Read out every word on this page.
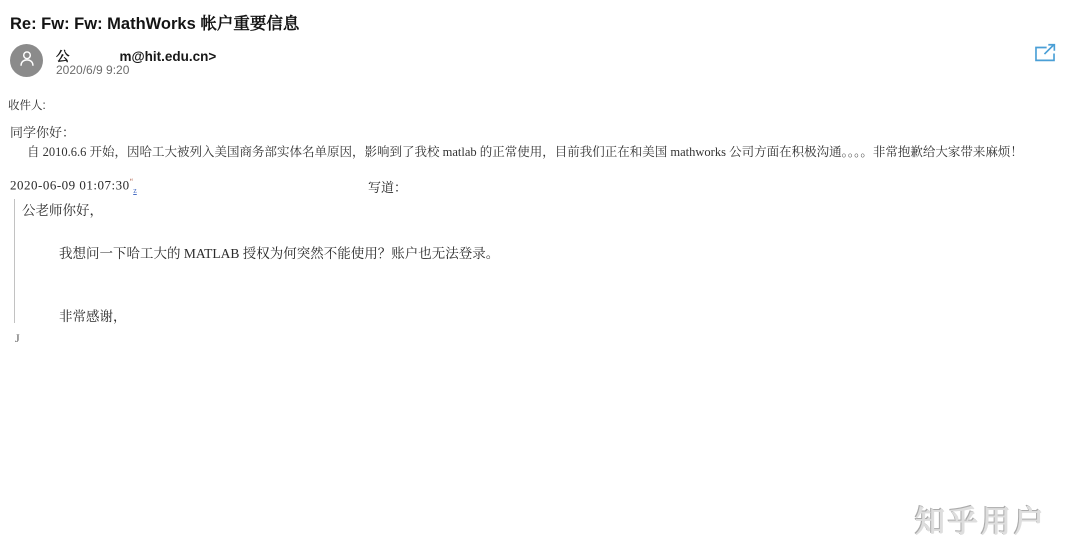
Re: Fw: Fw: MathWorks 帐户重要信息
公	m@hit.edu.cn>
2020/6/9 9:20
收件人:
同学你好：
自 2010.6.6 开始，因哈工大被列入美国商务部实体名单原因，影响到了我校 matlab 的正常使用，目前我们正在和美国 mathworks 公司方面在积极沟通。。。。非常抱歉给大家带来麻烦！
2020-06-09 $01:07:30^“_z$	写道：

公老师你好，

我想问一下哈工大的 MATLAB 授权为何突然不能使用？账户也无法登录。

非常感谢，

J
知乎用户
